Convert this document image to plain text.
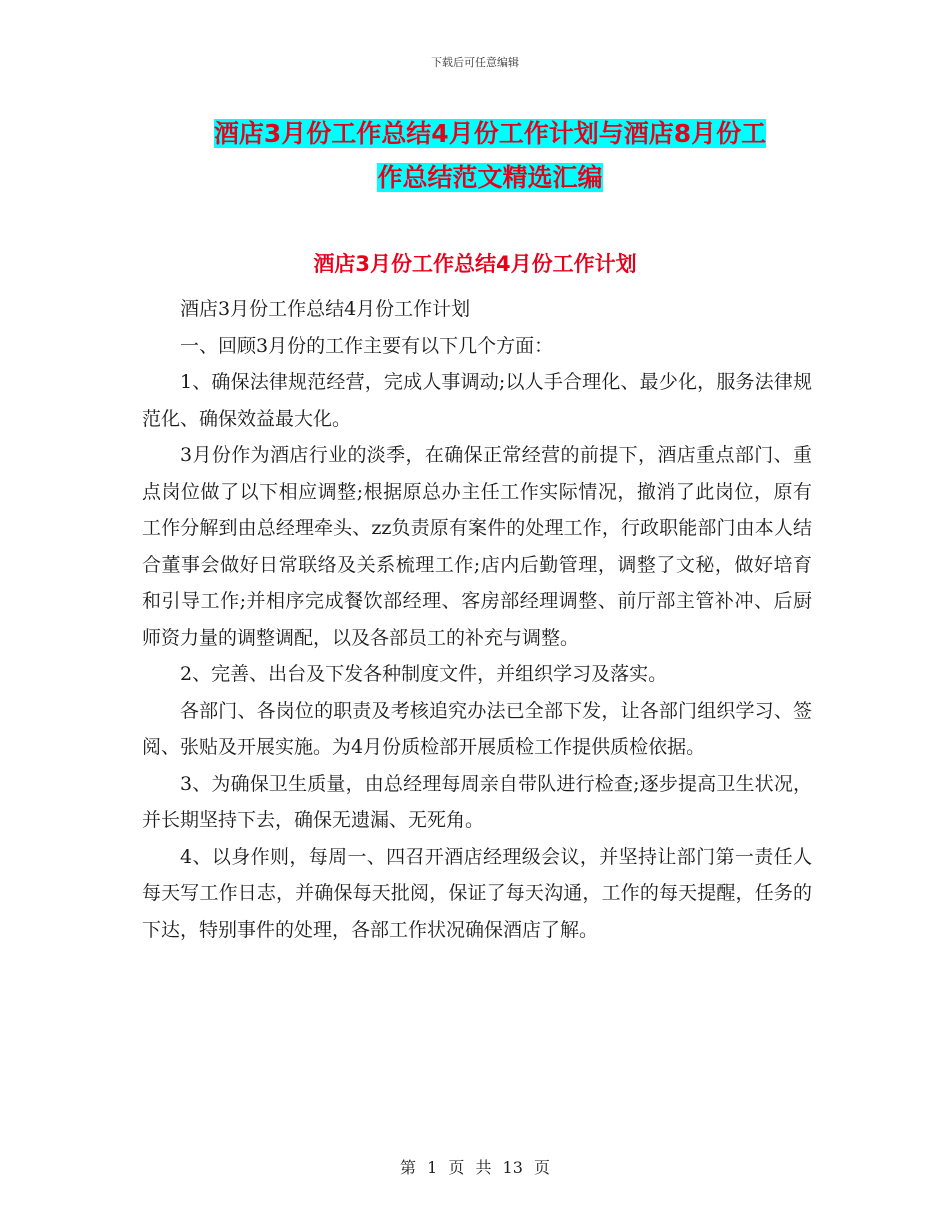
下载后可任意编辑
酒店3月份工作总结4月份工作计划与酒店8月份工
作总结范文精选汇编
酒店3月份工作总结4月份工作计划

酒店3月份工作总结4月份工作计划

一、回顾3月份的工作主要有以下几个方面：

1、确保法律规范经营，完成人事调动;以人手合理化、最少化，服务法律规范化、确保效益最大化。

3月份作为酒店行业的淡季，在确保正常经营的前提下，酒店重点部门、重点岗位做了以下相应调整;根据原总办主任工作实际情况，撤消了此岗位，原有工作分解到由总经理牵头、zz负责原有案件的处理工作，行政职能部门由本人结合董事会做好日常联络及关系梳理工作;店内后勤管理，调整了文秘，做好培育和引导工作;并相序完成餐饮部经理、客房部经理调整、前厅部主管补冲、后厨师资力量的调整调配，以及各部员工的补充与调整。

2、完善、出台及下发各种制度文件，并组织学习及落实。

各部门、各岗位的职责及考核追究办法已全部下发，让各部门组织学习、签阅、张贴及开展实施。为4月份质检部开展质检工作提供质检依据。

3、为确保卫生质量，由总经理每周亲自带队进行检查;逐步提高卫生状况，并长期坚持下去，确保无遗漏、无死角。

4、以身作则，每周一、四召开酒店经理级会议，并坚持让部门第一责任人每天写工作日志，并确保每天批阅，保证了每天沟通，工作的每天提醒，任务的下达，特别事件的处理，各部工作状况确保酒店了解。

第 1 页 共 13 页
